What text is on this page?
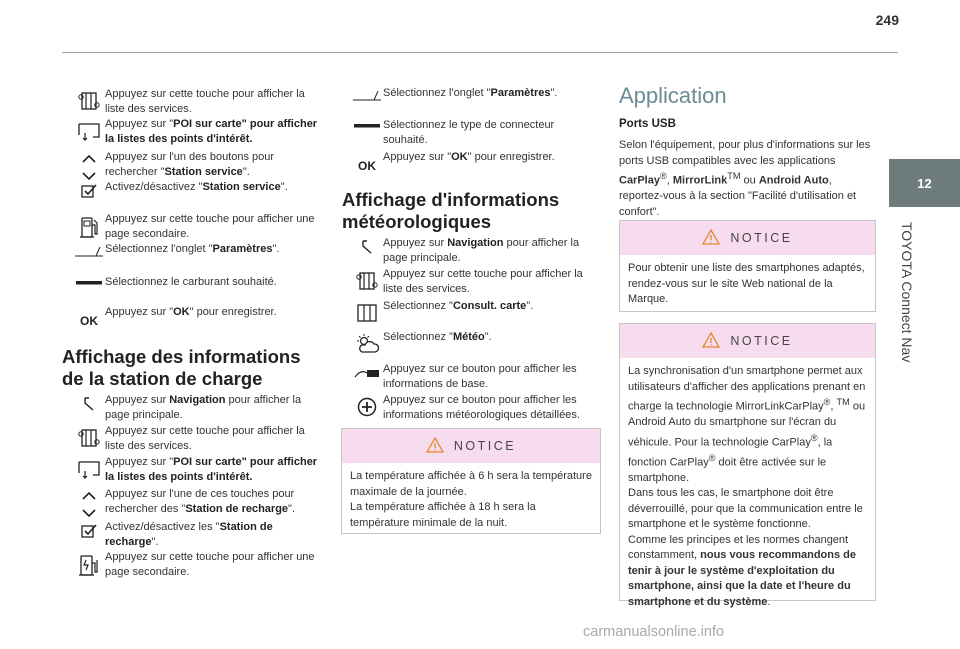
249
12
TOYOTA Connect Nav
Appuyez sur cette touche pour afficher la liste des services.
Appuyez sur "POI sur carte" pour afficher la listes des points d'intérêt.
Appuyez sur l'un des boutons pour rechercher "Station service".
Activez/désactivez "Station service".
Appuyez sur cette touche pour afficher une page secondaire.
Sélectionnez l'onglet "Paramètres".
Sélectionnez le carburant souhaité.
OK
Appuyez sur "OK" pour enregistrer.
Affichage des informations de la station de charge
Appuyez sur Navigation pour afficher la page principale.
Appuyez sur cette touche pour afficher la liste des services.
Appuyez sur "POI sur carte" pour afficher la listes des points d'intérêt.
Appuyez sur l'une de ces touches pour rechercher des "Station de recharge".
Activez/désactivez les "Station de recharge".
Appuyez sur cette touche pour afficher une page secondaire.
Sélectionnez l'onglet "Paramètres".
Sélectionnez le type de connecteur souhaité.
OK
Appuyez sur "OK" pour enregistrer.
Affichage d'informations météorologiques
Appuyez sur Navigation pour afficher la page principale.
Appuyez sur cette touche pour afficher la liste des services.
Sélectionnez "Consult. carte".
Sélectionnez "Météo".
Appuyez sur ce bouton pour afficher les informations de base.
Appuyez sur ce bouton pour afficher les informations météorologiques détaillées.
NOTICE
La température affichée à 6 h sera la température maximale de la journée.
La température affichée à 18 h sera la température minimale de la nuit.
Application
Ports USB
Selon l'équipement, pour plus d'informations sur les ports USB compatibles avec les applications CarPlay®, MirrorLink™ ou Android Auto, reportez-vous à la section "Facilité d'utilisation et confort".
NOTICE
Pour obtenir une liste des smartphones adaptés, rendez-vous sur le site Web national de la Marque.
NOTICE
La synchronisation d'un smartphone permet aux utilisateurs d'afficher des applications prenant en charge la technologie MirrorLinkCarPlay®, ™ ou Android Auto du smartphone sur l'écran du véhicule. Pour la technologie CarPlay®, la fonction CarPlay® doit être activée sur le smartphone.
Dans tous les cas, le smartphone doit être déverrouillé, pour que la communication entre le smartphone et le système fonctionne.
Comme les principes et les normes changent constamment, nous vous recommandons de tenir à jour le système d'exploitation du smartphone, ainsi que la date et l'heure du smartphone et du système.
carmanualsonline.info
